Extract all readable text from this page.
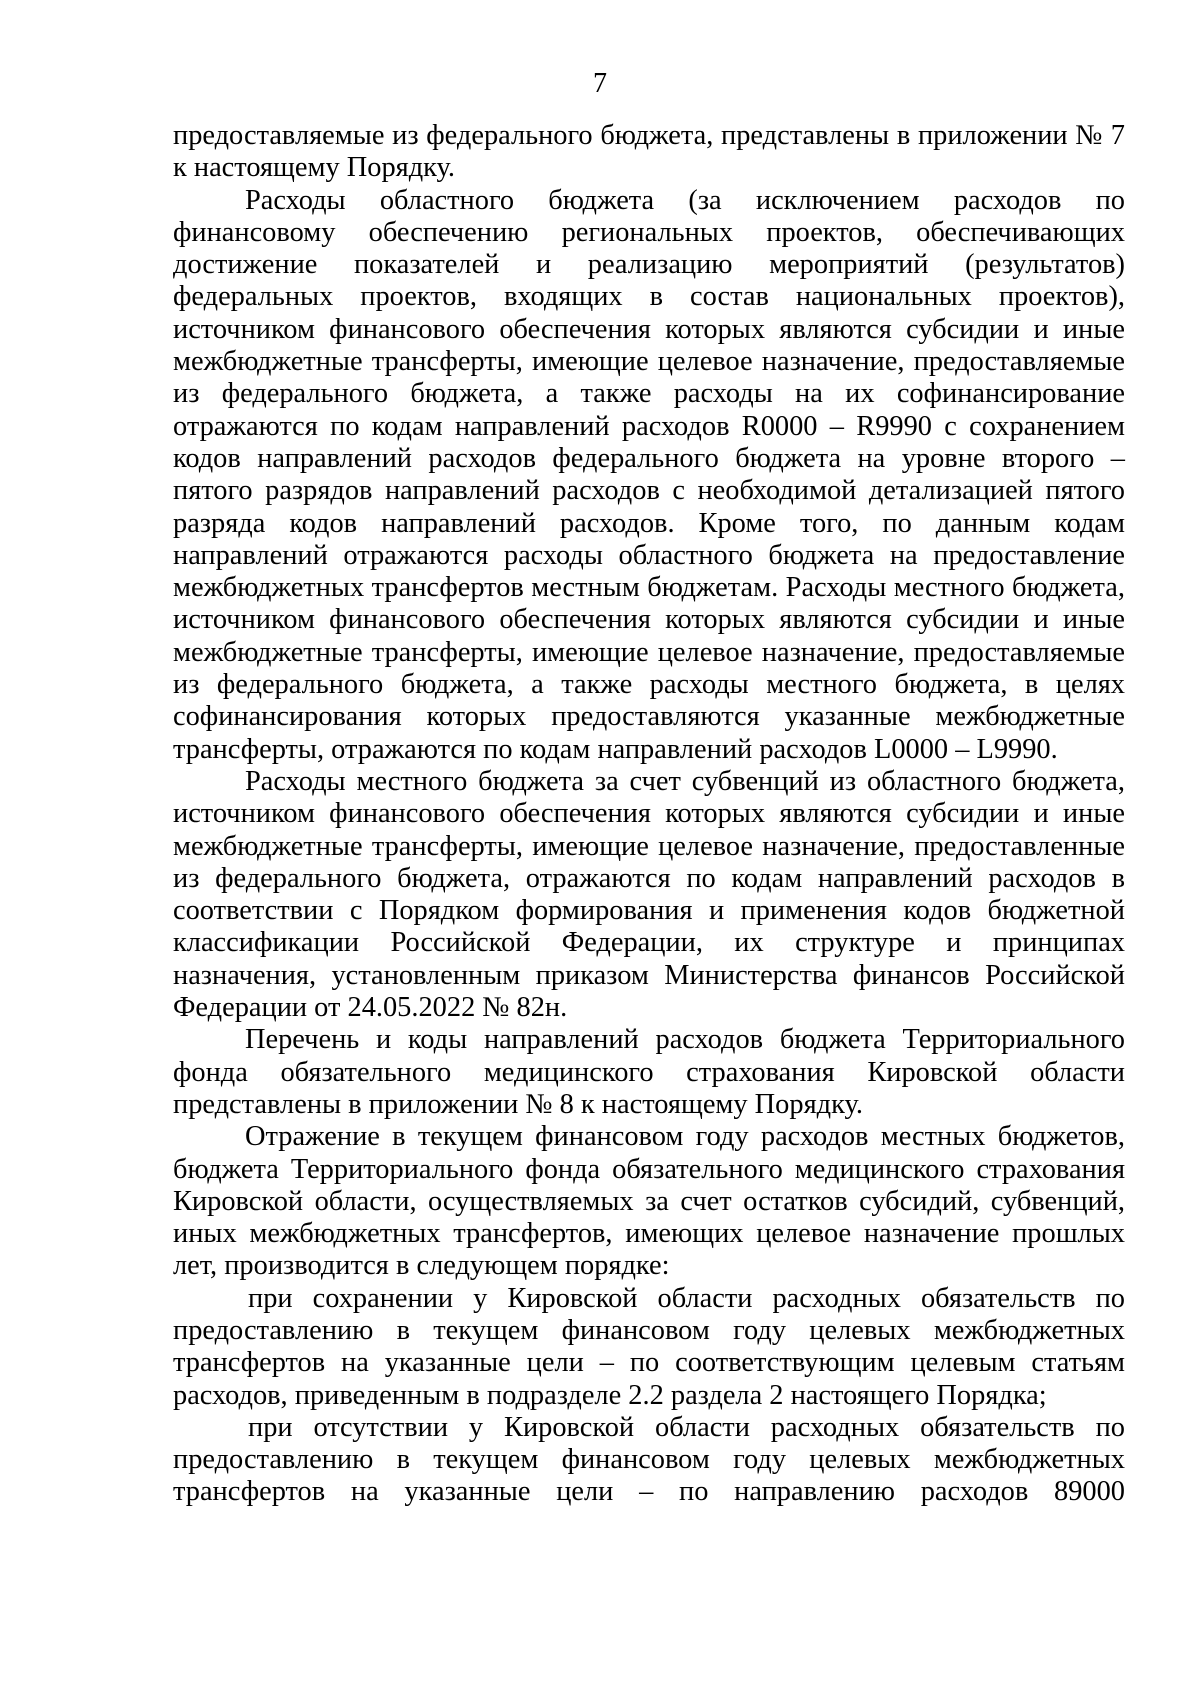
7

предоставляемые из федерального бюджета, представлены в приложении № 7 к настоящему Порядку.

Расходы областного бюджета (за исключением расходов по финансовому обеспечению региональных проектов, обеспечивающих достижение показателей и реализацию мероприятий (результатов) федеральных проектов, входящих в состав национальных проектов), источником финансового обеспечения которых являются субсидии и иные межбюджетные трансферты, имеющие целевое назначение, предоставляемые из федерального бюджета, а также расходы на их софинансирование отражаются по кодам направлений расходов R0000 – R9990 с сохранением кодов направлений расходов федерального бюджета на уровне второго – пятого разрядов направлений расходов с необходимой детализацией пятого разряда кодов направлений расходов. Кроме того, по данным кодам направлений отражаются расходы областного бюджета на предоставление межбюджетных трансфертов местным бюджетам. Расходы местного бюджета, источником финансового обеспечения которых являются субсидии и иные межбюджетные трансферты, имеющие целевое назначение, предоставляемые из федерального бюджета, а также расходы местного бюджета, в целях софинансирования которых предоставляются указанные межбюджетные трансферты, отражаются по кодам направлений расходов L0000 – L9990.

Расходы местного бюджета за счет субвенций из областного бюджета, источником финансового обеспечения которых являются субсидии и иные межбюджетные трансферты, имеющие целевое назначение, предоставленные из федерального бюджета, отражаются по кодам направлений расходов в соответствии с Порядком формирования и применения кодов бюджетной классификации Российской Федерации, их структуре и принципах назначения, установленным приказом Министерства финансов Российской Федерации от 24.05.2022 № 82н.

Перечень и коды направлений расходов бюджета Территориального фонда обязательного медицинского страхования Кировской области представлены в приложении № 8 к настоящему Порядку.

Отражение в текущем финансовом году расходов местных бюджетов, бюджета Территориального фонда обязательного медицинского страхования Кировской области, осуществляемых за счет остатков субсидий, субвенций, иных межбюджетных трансфертов, имеющих целевое назначение прошлых лет, производится в следующем порядке:

при сохранении у Кировской области расходных обязательств по предоставлению в текущем финансовом году целевых межбюджетных трансфертов на указанные цели – по соответствующим целевым статьям расходов, приведенным в подразделе 2.2 раздела 2 настоящего Порядка;

при отсутствии у Кировской области расходных обязательств по предоставлению в текущем финансовом году целевых межбюджетных трансфертов на указанные цели – по направлению расходов 89000
